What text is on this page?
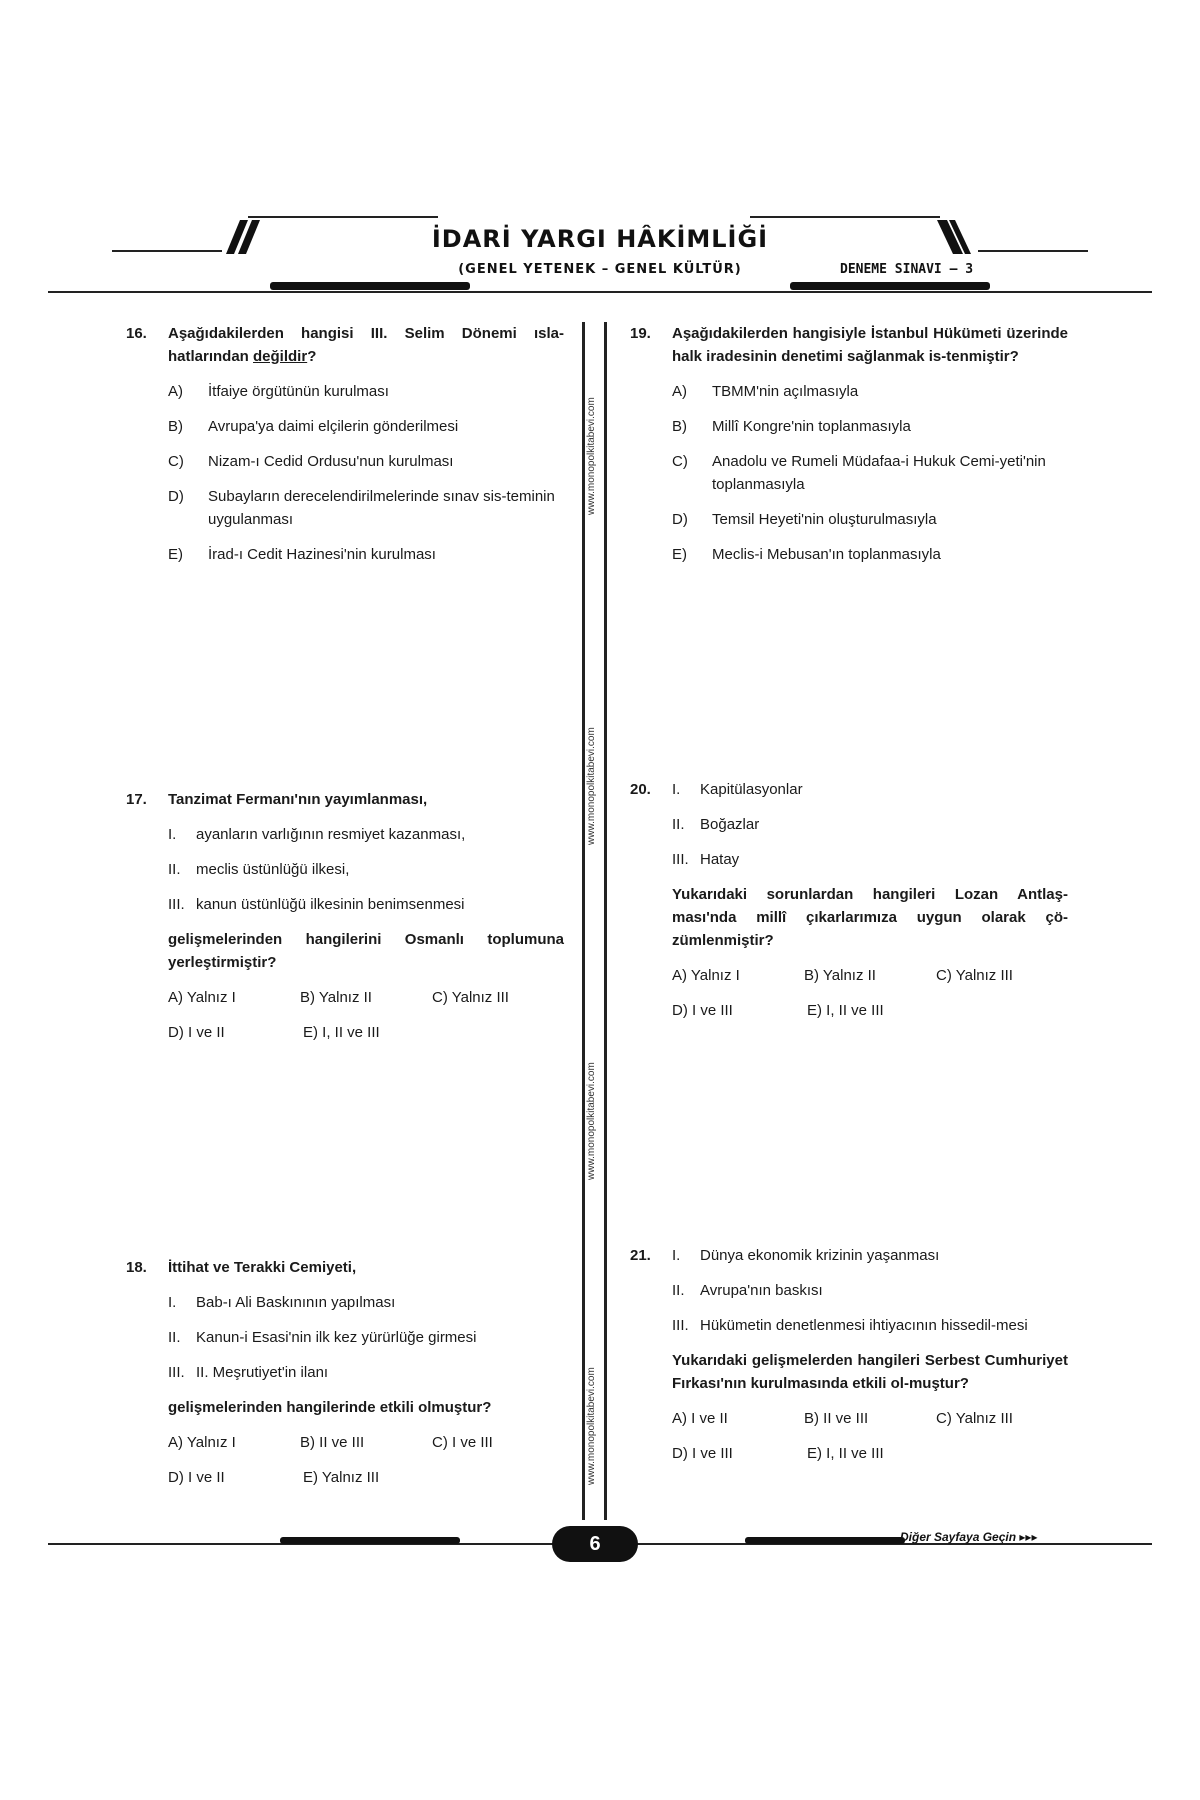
İDARİ YARGI HÂKİMLİĞİ
(GENEL YETENEK – GENEL KÜLTÜR)	DENEME SINAVI – 3
www.monopolkitabevi.com
www.monopolkitabevi.com
www.monopolkitabevi.com
www.monopolkitabevi.com
16.	Aşağıdakilerden hangisi III. Selim Dönemi ısla-hatlarından değildir?
A)	İtfaiye örgütünün kurulması
B)	Avrupa'ya daimi elçilerin gönderilmesi
C)	Nizam-ı Cedid Ordusu'nun kurulması
D)	Subayların derecelendirilmelerinde sınav sis-teminin uygulanması
E)	İrad-ı Cedit Hazinesi'nin kurulması
17.	Tanzimat Fermanı'nın yayımlanması,
I.	ayanların varlığının resmiyet kazanması,
II.	meclis üstünlüğü ilkesi,
III. kanun üstünlüğü ilkesinin benimsenmesi
gelişmelerinden hangilerini Osmanlı toplumuna yerleştirmiştir?
A) Yalnız I	B) Yalnız II	C) Yalnız III
D) I ve II	E) I, II ve III
18.	İttihat ve Terakki Cemiyeti,
I.	Bab-ı Ali Baskınının yapılması
II.	Kanun-i Esasi'nin ilk kez yürürlüğe girmesi
III. II. Meşrutiyet'in ilanı
gelişmelerinden hangilerinde etkili olmuştur?
A) Yalnız I	B) II ve III	C) I ve III
D) I ve II	E) Yalnız III
19.	Aşağıdakilerden hangisiyle İstanbul Hükümeti üzerinde halk iradesinin denetimi sağlanmak is-tenmiştir?
A)	TBMM'nin açılmasıyla
B)	Millî Kongre'nin toplanmasıyla
C)	Anadolu ve Rumeli Müdafaa-i Hukuk Cemi-yeti'nin toplanmasıyla
D)	Temsil Heyeti'nin oluşturulmasıyla
E)	Meclis-i Mebusan'ın toplanmasıyla
20.	I.	Kapitülasyonlar
II.	Boğazlar
III. Hatay
Yukarıdaki sorunlardan hangileri Lozan Antlaş-ması'nda millî çıkarlarımıza uygun olarak çö-zümlenmiştir?
A) Yalnız I	B) Yalnız II	C) Yalnız III
D) I ve III	E) I, II ve III
21.	I.	Dünya ekonomik krizinin yaşanması
II.	Avrupa'nın baskısı
III. Hükümetin denetlenmesi ihtiyacının hissedil-mesi
Yukarıdaki gelişmelerden hangileri Serbest Cumhuriyet Fırkası'nın kurulmasında etkili ol-muştur?
A) I ve II	B) II ve III	C) Yalnız III
D) I ve III	E) I, II ve III
6	Diğer Sayfaya Geçin ▸▸▸
